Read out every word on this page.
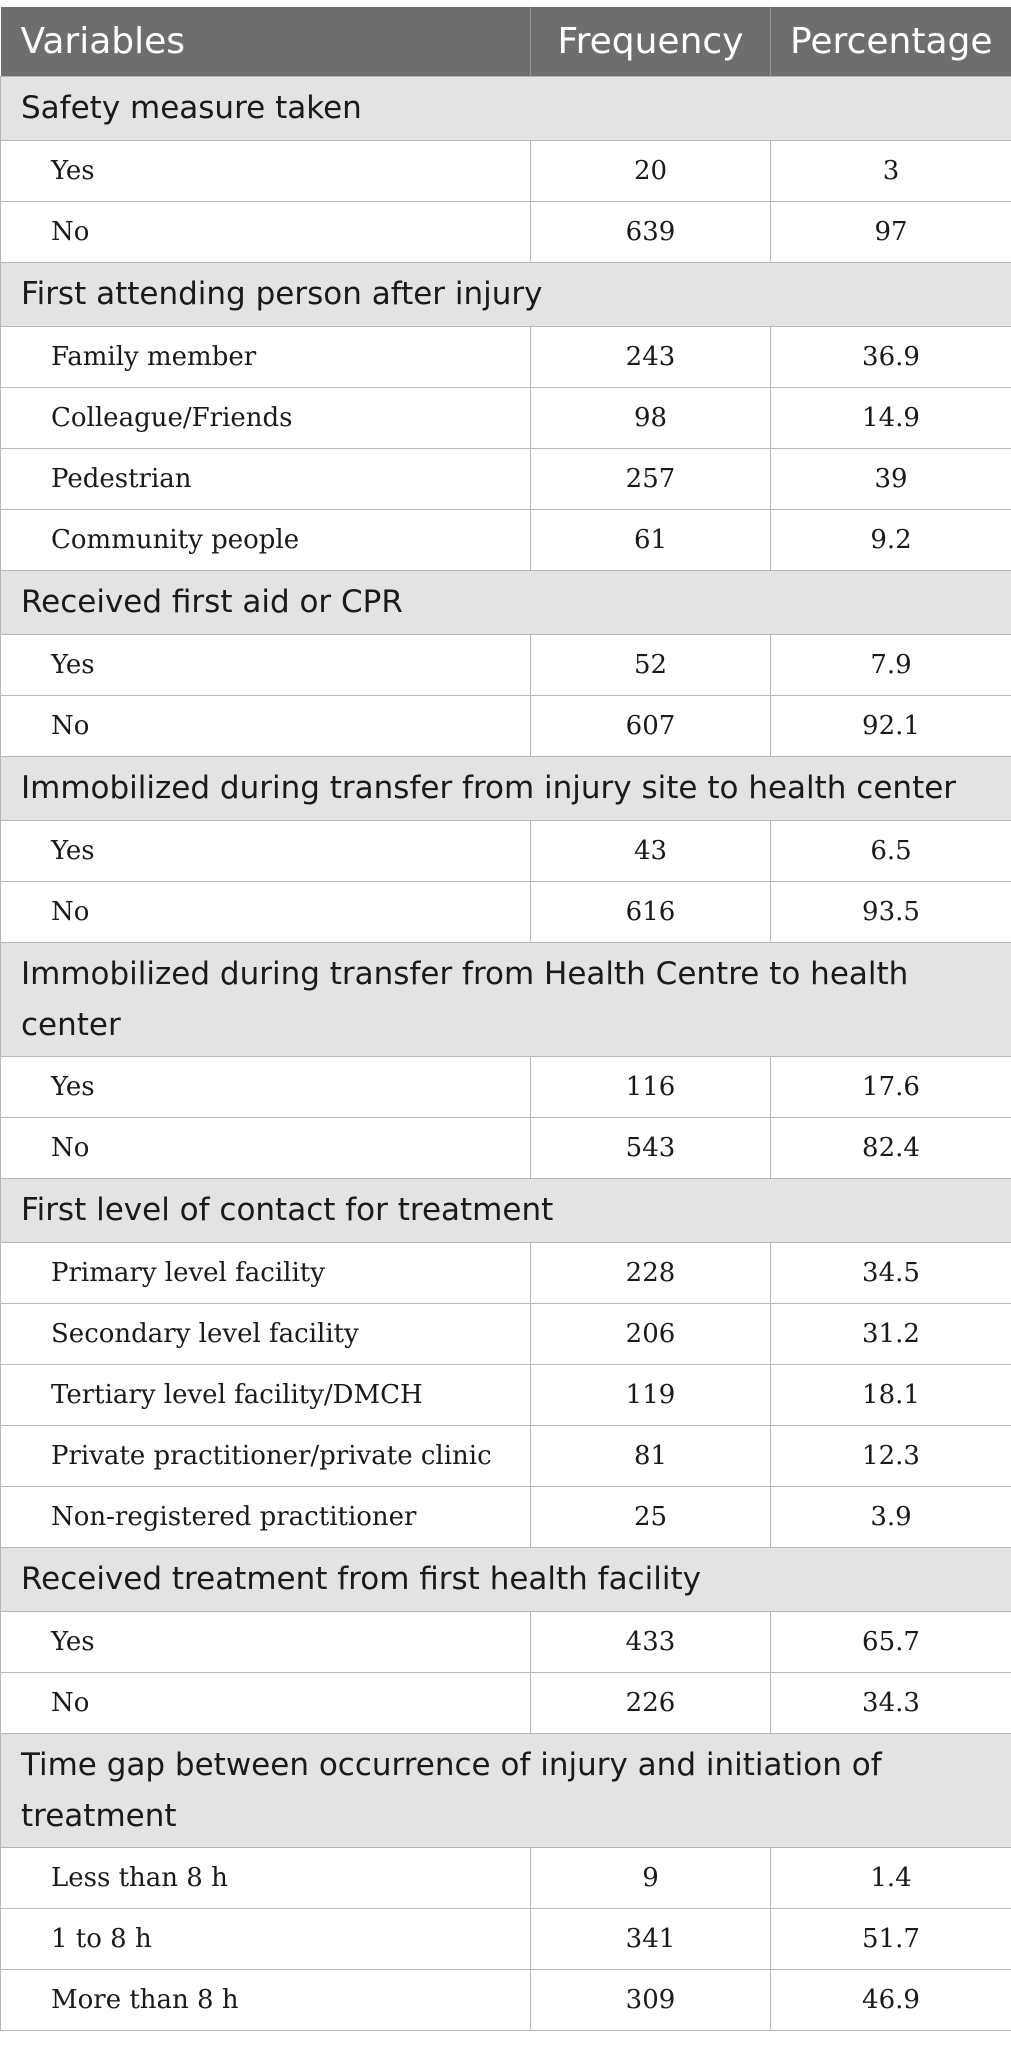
Variables	Frequency	Percentage
Safety measure taken		
Yes	20	3
No	639	97
First attending person after injury		
Family member	243	36.9
Colleague/Friends	98	14.9
Pedestrian	257	39
Community people	61	9.2
Received first aid or CPR		
Yes	52	7.9
No	607	92.1
Immobilized during transfer from injury site to health center		
Yes	43	6.5
No	616	93.5
Immobilized during transfer from Health Centre to health center		
Yes	116	17.6
No	543	82.4
First level of contact for treatment		
Primary level facility	228	34.5
Secondary level facility	206	31.2
Tertiary level facility/DMCH	119	18.1
Private practitioner/private clinic	81	12.3
Non-registered practitioner	25	3.9
Received treatment from first health facility		
Yes	433	65.7
No	226	34.3
Time gap between occurrence of injury and initiation of treatment		
Less than 8 h	9	1.4
1 to 8 h	341	51.7
More than 8 h	309	46.9
